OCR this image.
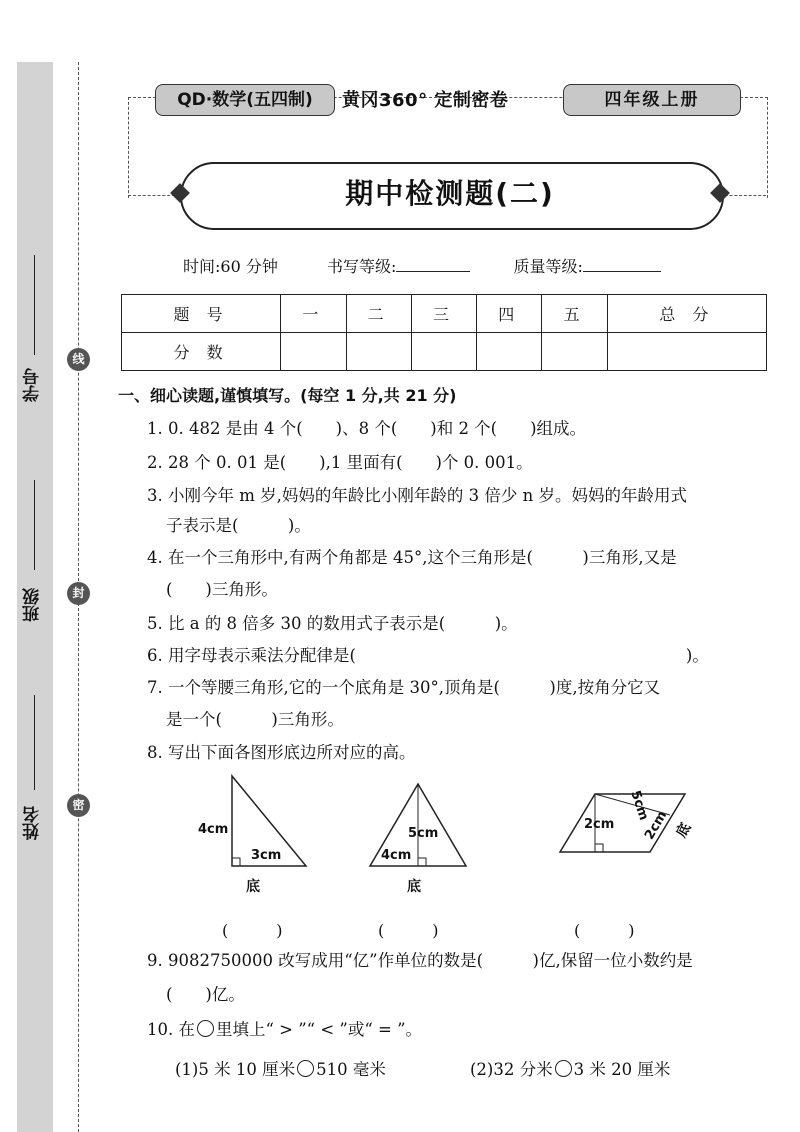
学号
班级
姓名
线
封
密
QD·数学(五四制)	黄冈360° 定制密卷	四年级上册
期中检测题(二)
时间:60 分钟	书写等级:	质量等级:
题 号	一	二	三	四	五	总 分
分 数						
一、细心读题,谨慎填写。(每空 1 分,共 21 分)
1. 0. 482 是由 4 个(　　)、8 个(　　)和 2 个(　　)组成。
2. 28 个 0. 01 是(　　),1 里面有(　　)个 0. 001。
3. 小刚今年 m 岁,妈妈的年龄比小刚年龄的 3 倍少 n 岁。妈妈的年龄用式
子表示是(　　　)。
4. 在一个三角形中,有两个角都是 45°,这个三角形是(　　　)三角形,又是
(　　)三角形。
5. 比 a 的 8 倍多 30 的数用式子表示是(　　　)。
6. 用字母表示乘法分配律是(　　　　　　　　　　　　　　　　　　　　)。
7. 一个等腰三角形,它的一个底角是 30°,顶角是(　　　)度,按角分它又
是一个(　　　)三角形。
8. 写出下面各图形底边所对应的高。
4cm
3cm
底
5cm
4cm
底
2cm
5cm
2cm 底
(　　　)	(　　　)	(　　　)
9. 9082750000 改写成用“亿”作单位的数是(　　　)亿,保留一位小数约是
(　　)亿。
10. 在 里填上“ > ”“ < ”或“ = ”。
(1)5 米 10 厘米 510 毫米	(2)32 分米 3 米 20 厘米
